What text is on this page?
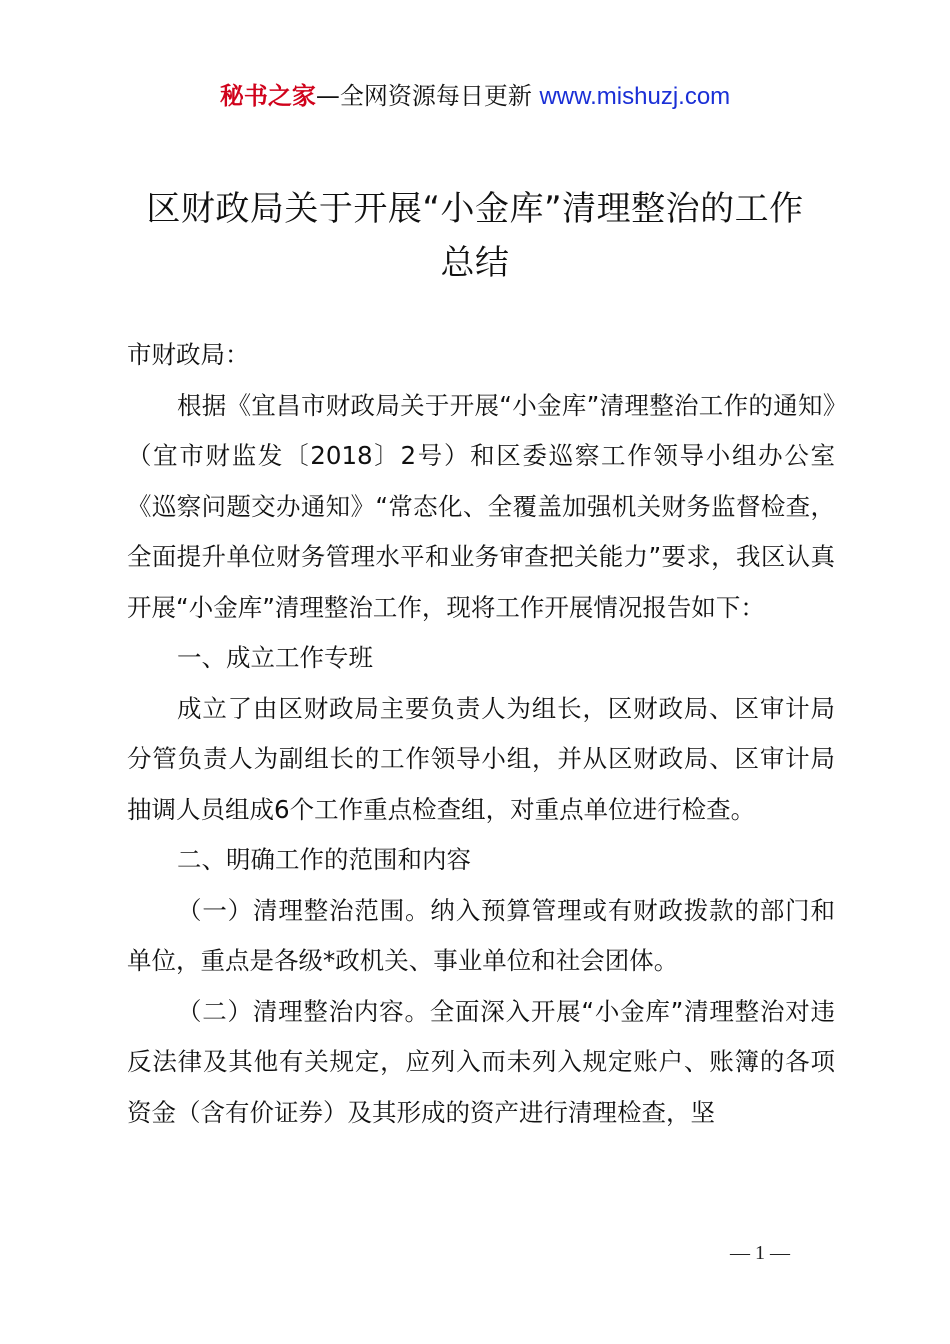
秘书之家—全网资源每日更新 www.mishuzj.com
区财政局关于开展“小金库”清理整治的工作
总结

市财政局：

根据《宜昌市财政局关于开展“小金库”清理整治工作的通知》（宜市财监发〔2018〕2号）和区委巡察工作领导小组办公室《巡察问题交办通知》“常态化、全覆盖加强机关财务监督检查，全面提升单位财务管理水平和业务审查把关能力”要求，我区认真开展“小金库”清理整治工作，现将工作开展情况报告如下：

一、成立工作专班

成立了由区财政局主要负责人为组长，区财政局、区审计局分管负责人为副组长的工作领导小组，并从区财政局、区审计局抽调人员组成6个工作重点检查组，对重点单位进行检查。

二、明确工作的范围和内容

（一）清理整治范围。纳入预算管理或有财政拨款的部门和单位，重点是各级*政机关、事业单位和社会团体。

（二）清理整治内容。全面深入开展“小金库”清理整治对违反法律及其他有关规定，应列入而未列入规定账户、账簿的各项资金（含有价证券）及其形成的资产进行清理检查，坚

— 1 —
